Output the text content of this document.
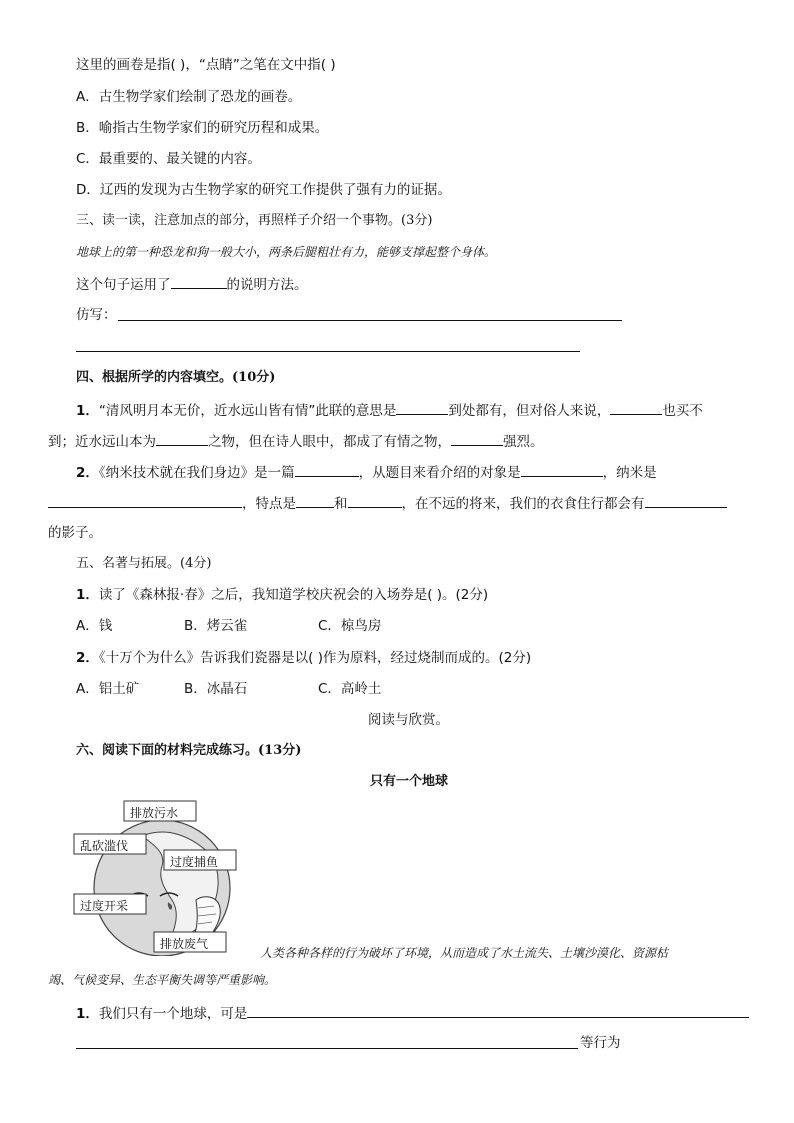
这里的画卷是指( )，“点睛”之笔在文中指( )
A．古生物学家们绘制了恐龙的画卷。
B．喻指古生物学家们的研究历程和成果。
C．最重要的、最关键的内容。
D．辽西的发现为古生物学家的研究工作提供了强有力的证据。
三、读一读，注意加点的部分，再照样子介绍一个事物。(3分)
地球上的第一种恐龙和狗一般大小，两条后腿粗壮有力，能够支撑起整个身体。
这个句子运用了	的说明方法。
仿写：
四、根据所学的内容填空。(10分)
1．“清风明月本无价，近水远山皆有情”此联的意思是	到处都有，但对俗人来说，	也买不
到；近水远山本为	之物，但在诗人眼中，都成了有情之物，	强烈。
2．《纳米技术就在我们身边》是一篇	，从题目来看介绍的对象是	，纳米是
，特点是	和	，在不远的将来，我们的衣食住行都会有
的影子。
五、名著与拓展。(4分)
1．读了《森林报·春》之后，我知道学校庆祝会的入场券是( )。(2分)
A．钱	B．烤云雀	C．椋鸟房
2．《十万个为什么》告诉我们瓷器是以( )作为原料，经过烧制而成的。(2分)
A．铝土矿	B．冰晶石	C．高岭土
阅读与欣赏。
六、阅读下面的材料完成练习。(13分)
只有一个地球
排放污水
乱砍滥伐
过度捕鱼
过度开采
排放废气
人类各种各样的行为破坏了环境，从而造成了水土流失、土壤沙漠化、资源枯
竭、气候变异、生态平衡失调等严重影响。
1．我们只有一个地球，可是
等行为
